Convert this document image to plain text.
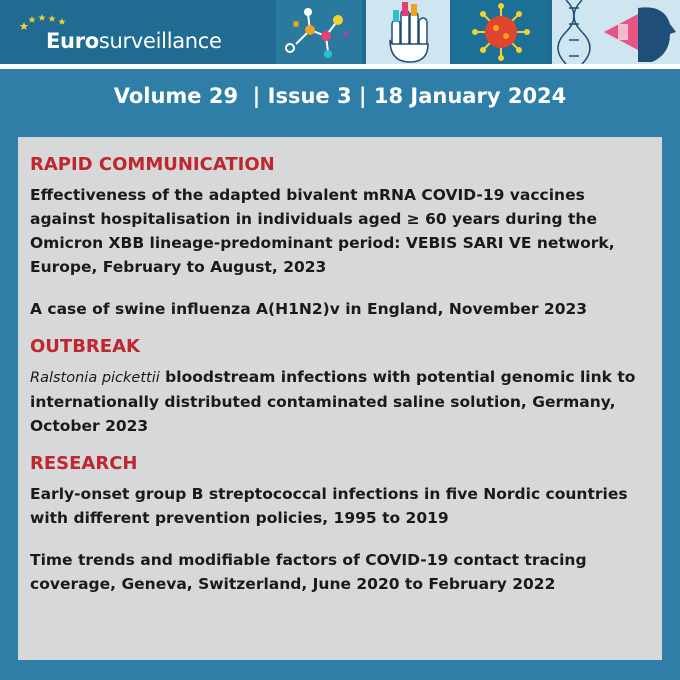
Eurosurveillance
Volume 29  | Issue 3 | 18 January 2024

RAPID COMMUNICATION

Effectiveness of the adapted bivalent mRNA COVID-19 vaccines against hospitalisation in individuals aged ≥ 60 years during the Omicron XBB lineage-predominant period: VEBIS SARI VE network, Europe, February to August, 2023

A case of swine influenza A(H1N2)v in England, November 2023

OUTBREAK

Ralstonia pickettii bloodstream infections with potential genomic link to internationally distributed contaminated saline solution, Germany, October 2023

RESEARCH

Early-onset group B streptococcal infections in five Nordic countries with different prevention policies, 1995 to 2019

Time trends and modifiable factors of COVID-19 contact tracing coverage, Geneva, Switzerland, June 2020 to February 2022
